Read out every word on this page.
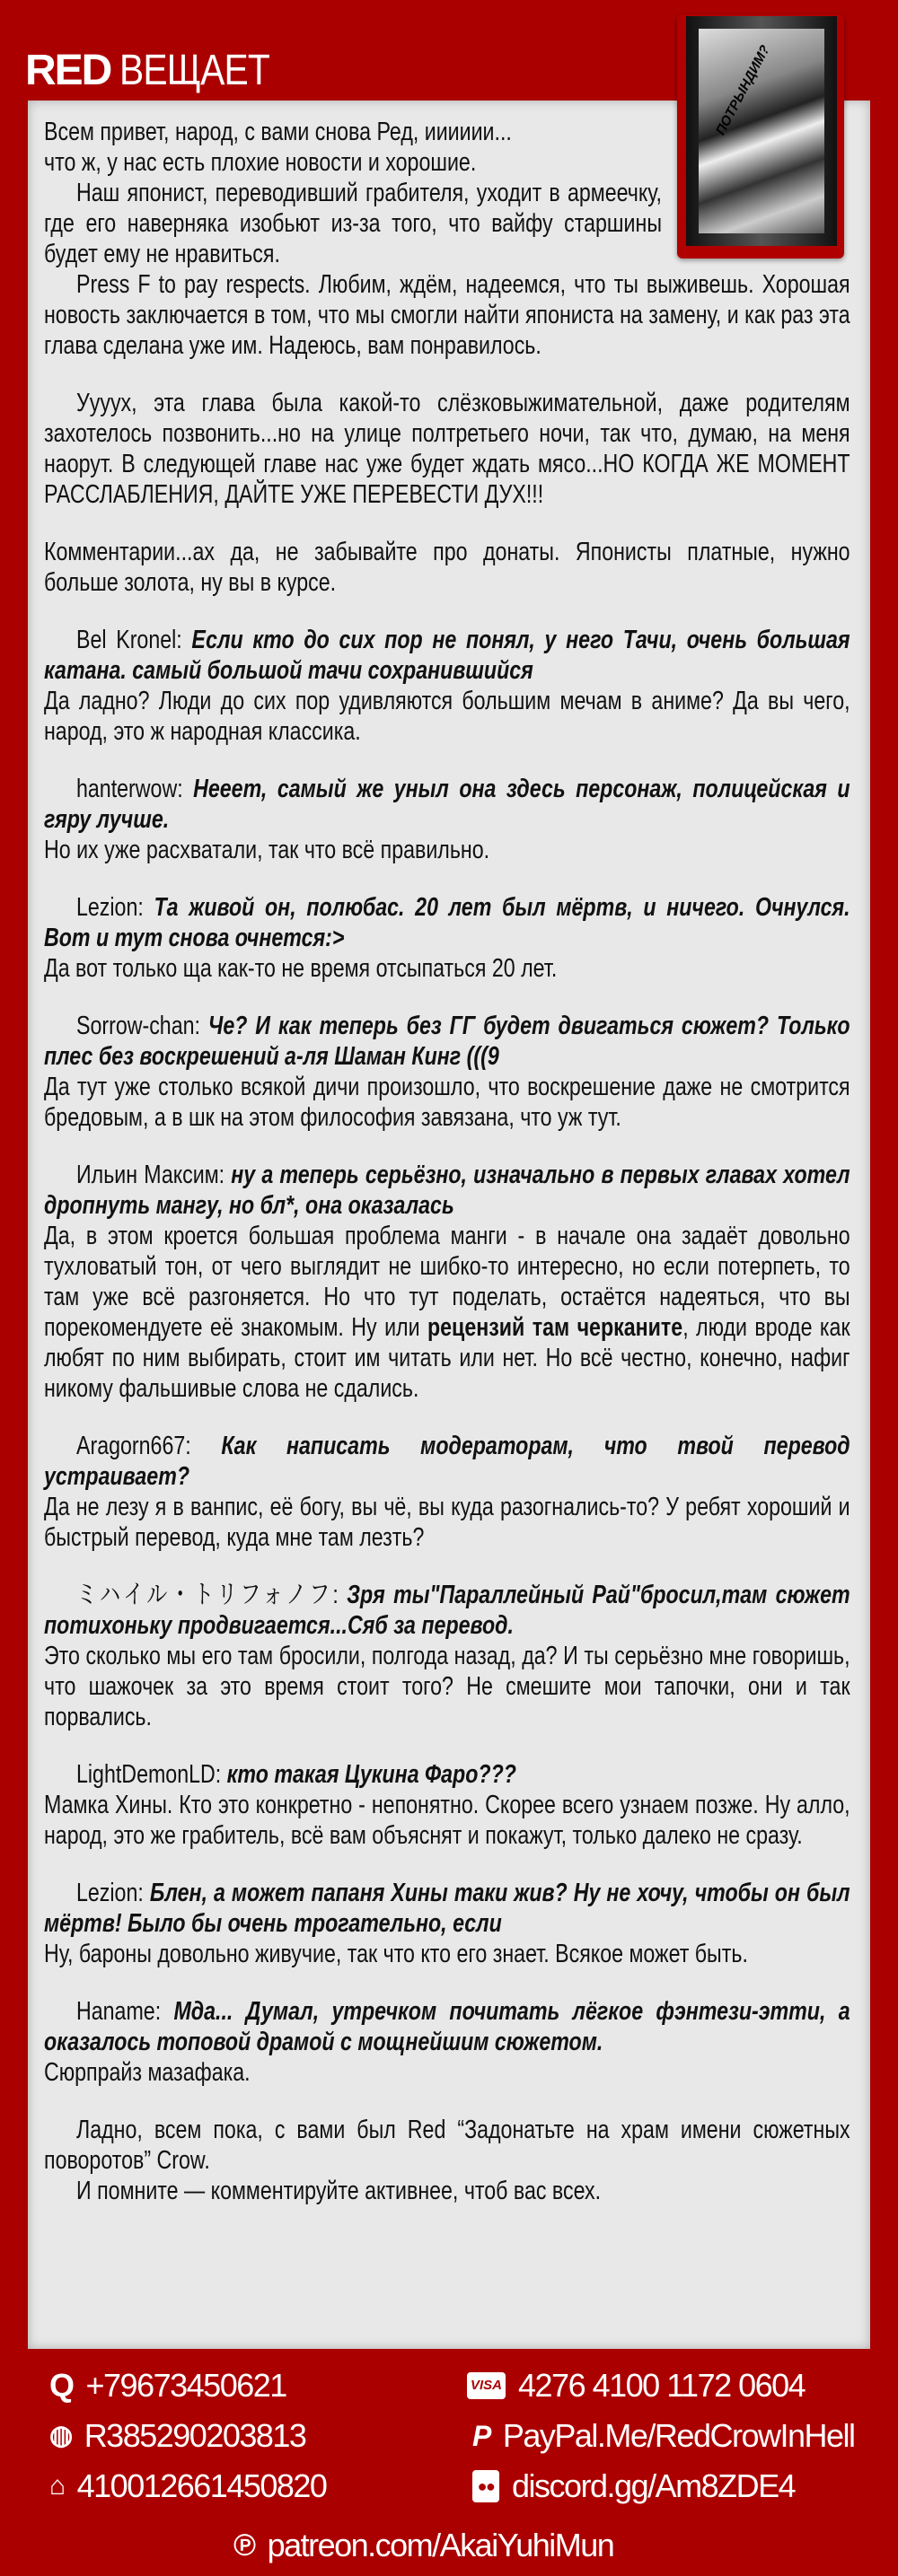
RED ВЕЩАЕТ

Всем привет, народ, с вами снова Ред, ииииии...

что ж, у нас есть плохие новости и хорошие.

Наш японист, переводивший грабителя, уходит в армеечку, где его наверняка изобьют из-за того, что вайфу старшины будет ему не нравиться.

Press F to pay respects. Любим, ждём, надеемся, что ты выживешь. Хорошая новость заключается в том, что мы смогли найти япониста на замену, и как раз эта глава сделана уже им. Надеюсь, вам понравилось.

Уууух, эта глава была какой-то слёзковыжимательной, даже родителям захотелось позвонить...но на улице полтретьего ночи, так что, думаю, на меня наорут. В следующей главе нас уже будет ждать мясо...НО КОГДА ЖЕ МОМЕНТ РАССЛАБЛЕНИЯ, ДАЙТЕ УЖЕ ПЕРЕВЕСТИ ДУХ!!!

Комментарии...ах да, не забывайте про донаты. Японисты платные, нужно больше золота, ну вы в курсе.

Bel Kronel: Если кто до сих пор не понял, у него Тачи, очень большая катана. самый большой тачи сохранившийся

Да ладно? Люди до сих пор удивляются большим мечам в аниме? Да вы чего, народ, это ж народная классика.

hanterwow: Нееет, самый же уныл она здесь персонаж, полицейская и гяру лучше.

Но их уже расхватали, так что всё правильно.

Lezion: Та живой он, полюбас. 20 лет был мёртв, и ничего. Очнулся. Вот и тут снова очнется:>

Да вот только ща как-то не время отсыпаться 20 лет.

Sorrow-chan: Че? И как теперь без ГГ будет двигаться сюжет? Только плес без воскрешений а-ля Шаман Кинг (((9

Да тут уже столько всякой дичи произошло, что воскрешение даже не смотрится бредовым, а в шк на этом философия завязана, что уж тут.

Ильин Максим: ну а теперь серьёзно, изначально в первых главах хотел дропнуть мангу, но бл*, она оказалась

Да, в этом кроется большая проблема манги - в начале она задаёт довольно тухловатый тон, от чего выглядит не шибко-то интересно, но если потерпеть, то там уже всё разгоняется. Но что тут поделать, остаётся надеяться, что вы порекомендуете её знакомым. Ну или рецензий там черканите, люди вроде как любят по ним выбирать, стоит им читать или нет. Но всё честно, конечно, нафиг никому фальшивые слова не сдались.

Aragorn667: Как написать модераторам, что твой перевод устраивает?

Да не лезу я в ванпис, её богу, вы чё, вы куда разогнались-то? У ребят хороший и быстрый перевод, куда мне там лезть?

ミハイル・トリフォノフ: Зря ты"Параллейный Рай"бросил,там сюжет потихоньку продвигается...Сяб за перевод.

Это сколько мы его там бросили, полгода назад, да? И ты серьёзно мне говоришь, что шажочек за это время стоит того? Не смешите мои тапочки, они и так порвались.

LightDemonLD: кто такая Цукина Фаро???

Мамка Хины. Кто это конкретно - непонятно. Скорее всего узнаем позже. Ну алло, народ, это же грабитель, всё вам объяснят и покажут, только далеко не сразу.

Lezion: Блен, а может папаня Хины таки жив? Ну не хочу, чтобы он был мёртв! Было бы очень трогательно, если

Ну, бароны довольно живучие, так что кто его знает. Всякое может быть.

Haname: Мда... Думал, утречком почитать лёгкое фэнтези-этти, а оказалось топовой драмой с мощнейшим сюжетом.

Сюрпрайз мазафака.

Ладно, всем пока, с вами был Red “Задонатьте на храм имени сюжетных поворотов” Crow.

И помните — комментируйте активнее, чтоб вас всех.

ПОТРЫНДИМ?
Q +79673450621
◍ R385290203813
⌂ 410012661450820
VISA 4276 4100 1172 0604
P PayPal.Me/RedCrowInHell
●● discord.gg/Am8ZDE4
℗ patreon.com/AkaiYuhiMun
